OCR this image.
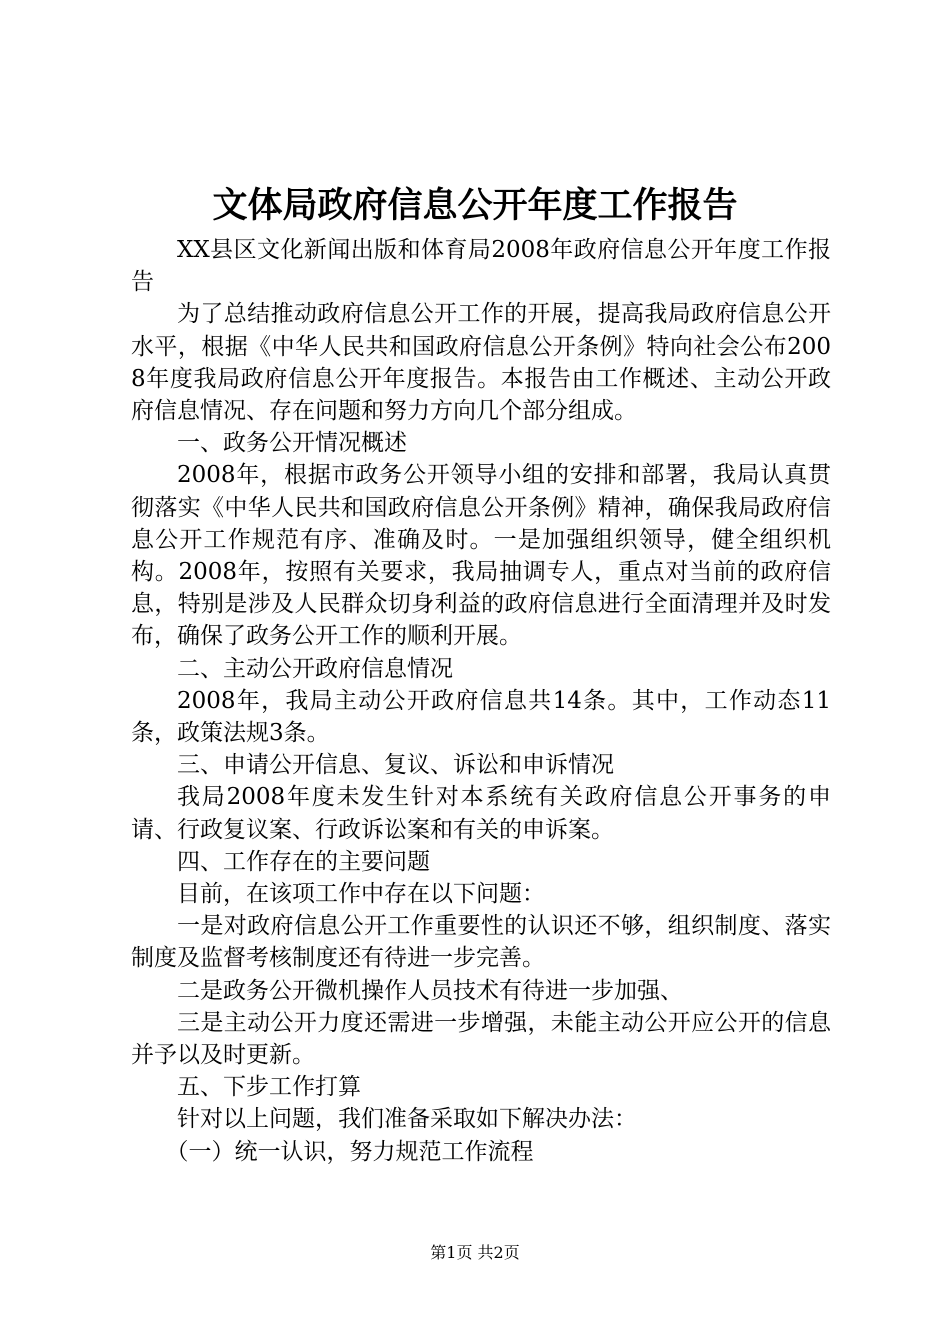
文体局政府信息公开年度工作报告

XX县区文化新闻出版和体育局2008年政府信息公开年度工作报告

为了总结推动政府信息公开工作的开展，提高我局政府信息公开水平，根据《中华人民共和国政府信息公开条例》特向社会公布2008年度我局政府信息公开年度报告。本报告由工作概述、主动公开政府信息情况、存在问题和努力方向几个部分组成。

一、政务公开情况概述

2008年，根据市政务公开领导小组的安排和部署，我局认真贯彻落实《中华人民共和国政府信息公开条例》精神，确保我局政府信息公开工作规范有序、准确及时。一是加强组织领导，健全组织机构。2008年，按照有关要求，我局抽调专人，重点对当前的政府信息，特别是涉及人民群众切身利益的政府信息进行全面清理并及时发布，确保了政务公开工作的顺利开展。

二、主动公开政府信息情况

2008年，我局主动公开政府信息共14条。其中，工作动态11条，政策法规3条。

三、申请公开信息、复议、诉讼和申诉情况

我局2008年度未发生针对本系统有关政府信息公开事务的申请、行政复议案、行政诉讼案和有关的申诉案。

四、工作存在的主要问题

目前，在该项工作中存在以下问题：

一是对政府信息公开工作重要性的认识还不够，组织制度、落实制度及监督考核制度还有待进一步完善。

二是政务公开微机操作人员技术有待进一步加强、

三是主动公开力度还需进一步增强，未能主动公开应公开的信息并予以及时更新。

五、下步工作打算

针对以上问题，我们准备采取如下解决办法：

（一）统一认识，努力规范工作流程

第1页 共2页
